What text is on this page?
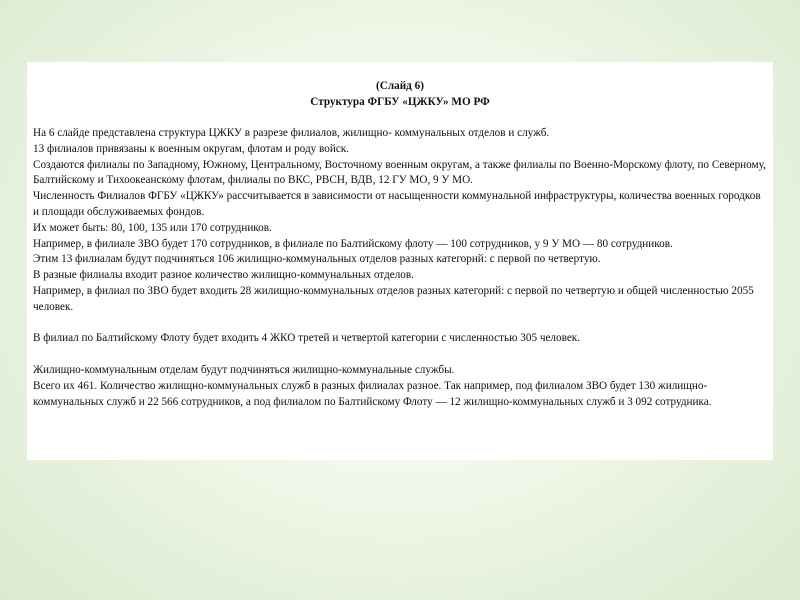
(Слайд 6)
Структура ФГБУ «ЦЖКУ» МО РФ
На 6 слайде представлена структура ЦЖКУ в разрезе филиалов, жилищно- коммунальных отделов и служб.
13 филиалов привязаны к военным округам, флотам и роду войск.
Создаются филиалы по Западному, Южному, Центральному, Восточному военным округам, а также филиалы по Военно-Морскому флоту, по Северному, Балтийскому и Тихоокеанскому флотам, филиалы по ВКС, РВСН, ВДВ, 12 ГУ МО, 9 У МО.
Численность Филиалов ФГБУ «ЦЖКУ» рассчитывается в зависимости от насыщенности коммунальной инфраструктуры, количества военных городков и площади обслуживаемых фондов.
Их может быть: 80, 100, 135 или 170 сотрудников.
Например, в филиале ЗВО будет 170 сотрудников, в филиале по Балтийскому флоту — 100 сотрудников, у 9 У МО — 80 сотрудников.
Этим 13 филиалам будут подчиняться 106 жилищно-коммунальных отделов разных категорий: с первой по четвертую.
В разные филиалы входит разное количество жилищно-коммунальных отделов.
Например, в филиал по ЗВО будет входить 28 жилищно-коммунальных отделов разных категорий: с первой по четвертую и общей численностью 2055 человек.
В филиал по Балтийскому Флоту будет входить 4 ЖКО третей и четвертой категории с численностью 305 человек.
Жилищно-коммунальным отделам будут подчиняться жилищно-коммунальные службы.
Всего их 461. Количество жилищно-коммунальных служб в разных филиалах разное. Так например, под филиалом ЗВО будет 130 жилищно-коммунальных служб и 22 566 сотрудников, а под филиалом по Балтийскому Флоту — 12 жилищно-коммунальных служб и 3 092 сотрудника.
